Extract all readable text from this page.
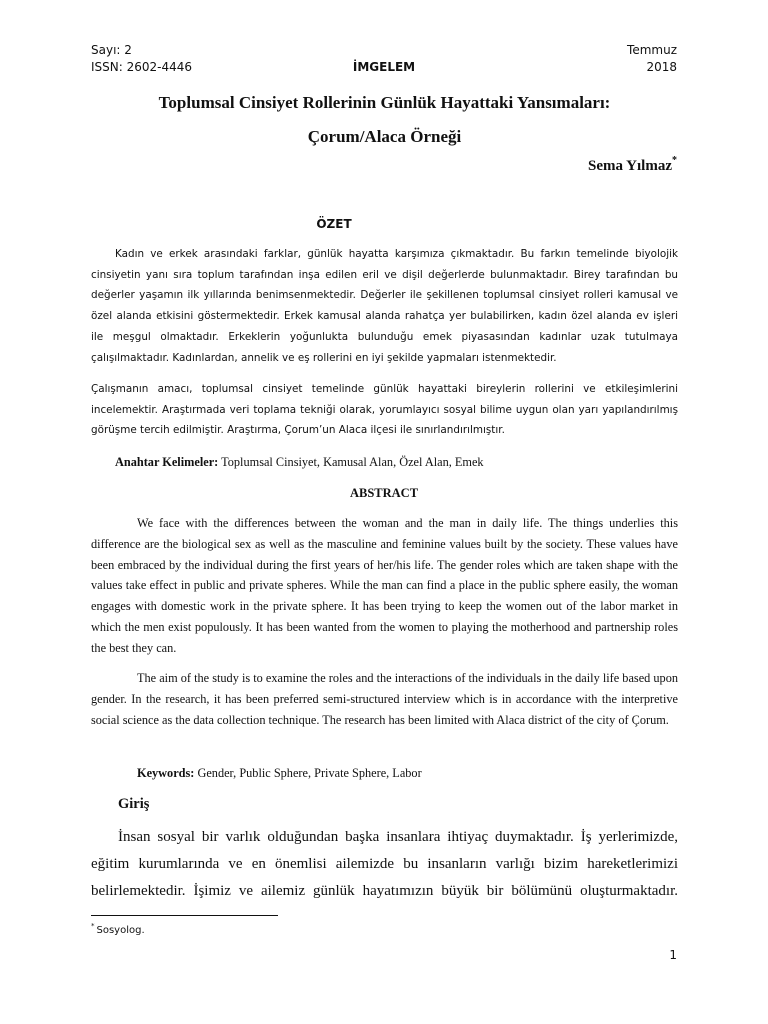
Sayı: 2
ISSN: 2602-4446	İMGELEM
Temmuz
2018
Toplumsal Cinsiyet Rollerinin Günlük Hayattaki Yansımaları:
Çorum/Alaca Örneği
Sema Yılmaz*
ÖZET

Kadın ve erkek arasındaki farklar, günlük hayatta karşımıza çıkmaktadır. Bu farkın temelinde biyolojik cinsiyetin yanı sıra toplum tarafından inşa edilen eril ve dişil değerlerde bulunmaktadır. Birey tarafından bu değerler yaşamın ilk yıllarında benimsenmektedir. Değerler ile şekillenen toplumsal cinsiyet rolleri kamusal ve özel alanda etkisini göstermektedir. Erkek kamusal alanda rahatça yer bulabilirken, kadın özel alanda ev işleri ile meşgul olmaktadır. Erkeklerin yoğunlukta bulunduğu emek piyasasından kadınlar uzak tutulmaya çalışılmaktadır. Kadınlardan, annelik ve eş rollerini en iyi şekilde yapmaları istenmektedir.

Çalışmanın amacı, toplumsal cinsiyet temelinde günlük hayattaki bireylerin rollerini ve etkileşimlerini incelemektir. Araştırmada veri toplama tekniği olarak, yorumlayıcı sosyal bilime uygun olan yarı yapılandırılmış görüşme tercih edilmiştir. Araştırma, Çorum’un Alaca ilçesi ile sınırlandırılmıştır.

Anahtar Kelimeler: Toplumsal Cinsiyet, Kamusal Alan, Özel Alan, Emek
ABSTRACT

We face with the differences between the woman and the man in daily life. The things underlies this difference are the biological sex as well as the masculine and feminine values built by the society. These values have been embraced by the individual during the first years of her/his life. The gender roles which are taken shape with the values take effect in public and private spheres. While the man can find a place in the public sphere easily, the woman engages with domestic work in the private sphere. It has been trying to keep the women out of the labor market in which the men exist populously. It has been wanted from the women to playing the motherhood and partnership roles the best they can.

The aim of the study is to examine the roles and the interactions of the individuals in the daily life based upon gender. In the research, it has been preferred semi-structured interview which is in accordance with the interpretive social science as the data collection technique. The research has been limited with Alaca district of the city of Çorum.

Keywords: Gender, Public Sphere, Private Sphere, Labor
Giriş

İnsan sosyal bir varlık olduğundan başka insanlara ihtiyaç duymaktadır. İş yerlerimizde, eğitim kurumlarında ve en önemlisi ailemizde bu insanların varlığı bizim hareketlerimizi belirlemektedir. İşimiz ve ailemiz günlük hayatımızın büyük bir bölümünü oluşturmaktadır.

* Sosyolog.
1
